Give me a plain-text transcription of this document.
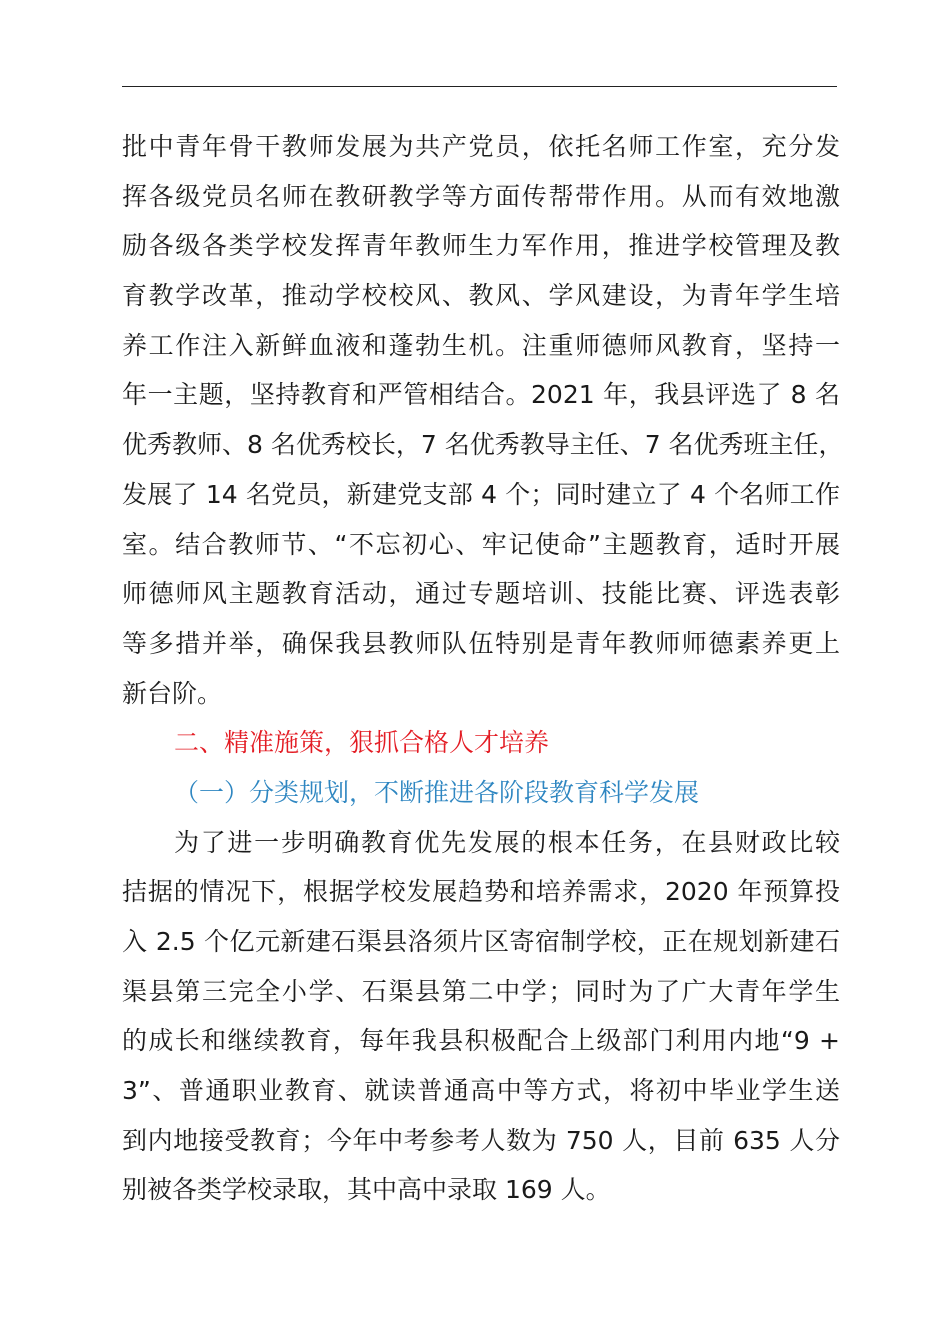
批中青年骨干教师发展为共产党员，依托名师工作室，充分发
挥各级党员名师在教研教学等方面传帮带作用。从而有效地激
励各级各类学校发挥青年教师生力军作用，推进学校管理及教
育教学改革，推动学校校风、教风、学风建设，为青年学生培
养工作注入新鲜血液和蓬勃生机。注重师德师风教育，坚持一
年一主题，坚持教育和严管相结合。2021 年，我县评选了 8 名
优秀教师、8 名优秀校长，7 名优秀教导主任、7 名优秀班主任，
发展了 14 名党员，新建党支部 4 个；同时建立了 4 个名师工作
室。结合教师节、“不忘初心、牢记使命”主题教育，适时开展
师德师风主题教育活动，通过专题培训、技能比赛、评选表彰
等多措并举，确保我县教师队伍特别是青年教师师德素养更上
新台阶。
二、精准施策，狠抓合格人才培养
（一）分类规划，不断推进各阶段教育科学发展
为了进一步明确教育优先发展的根本任务，在县财政比较
拮据的情况下，根据学校发展趋势和培养需求，2020 年预算投
入 2.5 个亿元新建石渠县洛须片区寄宿制学校，正在规划新建石
渠县第三完全小学、石渠县第二中学；同时为了广大青年学生
的成长和继续教育，每年我县积极配合上级部门利用内地“9 +
3”、普通职业教育、就读普通高中等方式，将初中毕业学生送
到内地接受教育；今年中考参考人数为 750 人，目前 635 人分
别被各类学校录取，其中高中录取 169 人。
